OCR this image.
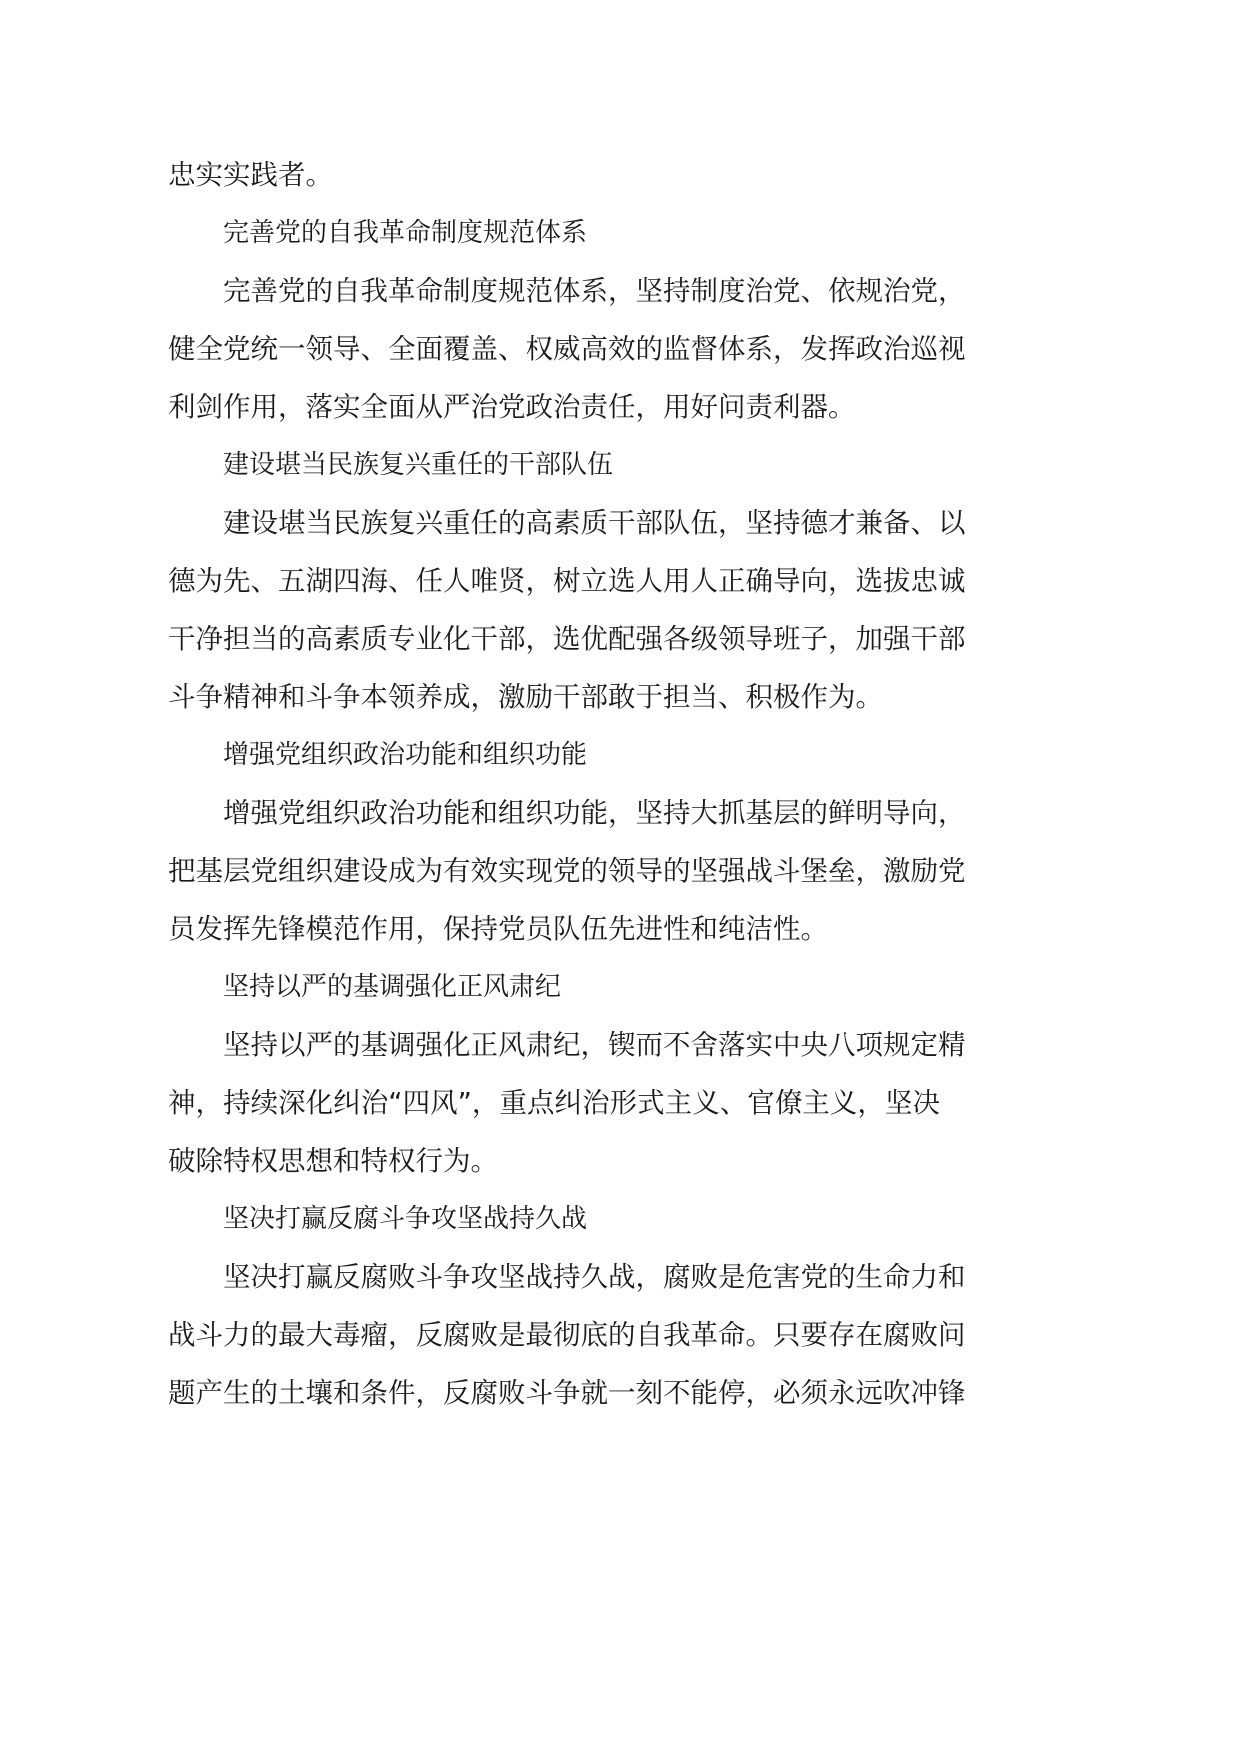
忠实实践者。
完善党的自我革命制度规范体系
完善党的自我革命制度规范体系，坚持制度治党、依规治党，
健全党统一领导、全面覆盖、权威高效的监督体系，发挥政治巡视
利剑作用，落实全面从严治党政治责任，用好问责利器。
建设堪当民族复兴重任的干部队伍
建设堪当民族复兴重任的高素质干部队伍，坚持德才兼备、以
德为先、五湖四海、任人唯贤，树立选人用人正确导向，选拔忠诚
干净担当的高素质专业化干部，选优配强各级领导班子，加强干部
斗争精神和斗争本领养成，激励干部敢于担当、积极作为。
增强党组织政治功能和组织功能
增强党组织政治功能和组织功能，坚持大抓基层的鲜明导向，
把基层党组织建设成为有效实现党的领导的坚强战斗堡垒，激励党
员发挥先锋模范作用，保持党员队伍先进性和纯洁性。
坚持以严的基调强化正风肃纪
坚持以严的基调强化正风肃纪，锲而不舍落实中央八项规定精
神，持续深化纠治“四风”，重点纠治形式主义、官僚主义，坚决
破除特权思想和特权行为。
坚决打赢反腐斗争攻坚战持久战
坚决打赢反腐败斗争攻坚战持久战，腐败是危害党的生命力和
战斗力的最大毒瘤，反腐败是最彻底的自我革命。只要存在腐败问
题产生的土壤和条件，反腐败斗争就一刻不能停，必须永远吹冲锋
